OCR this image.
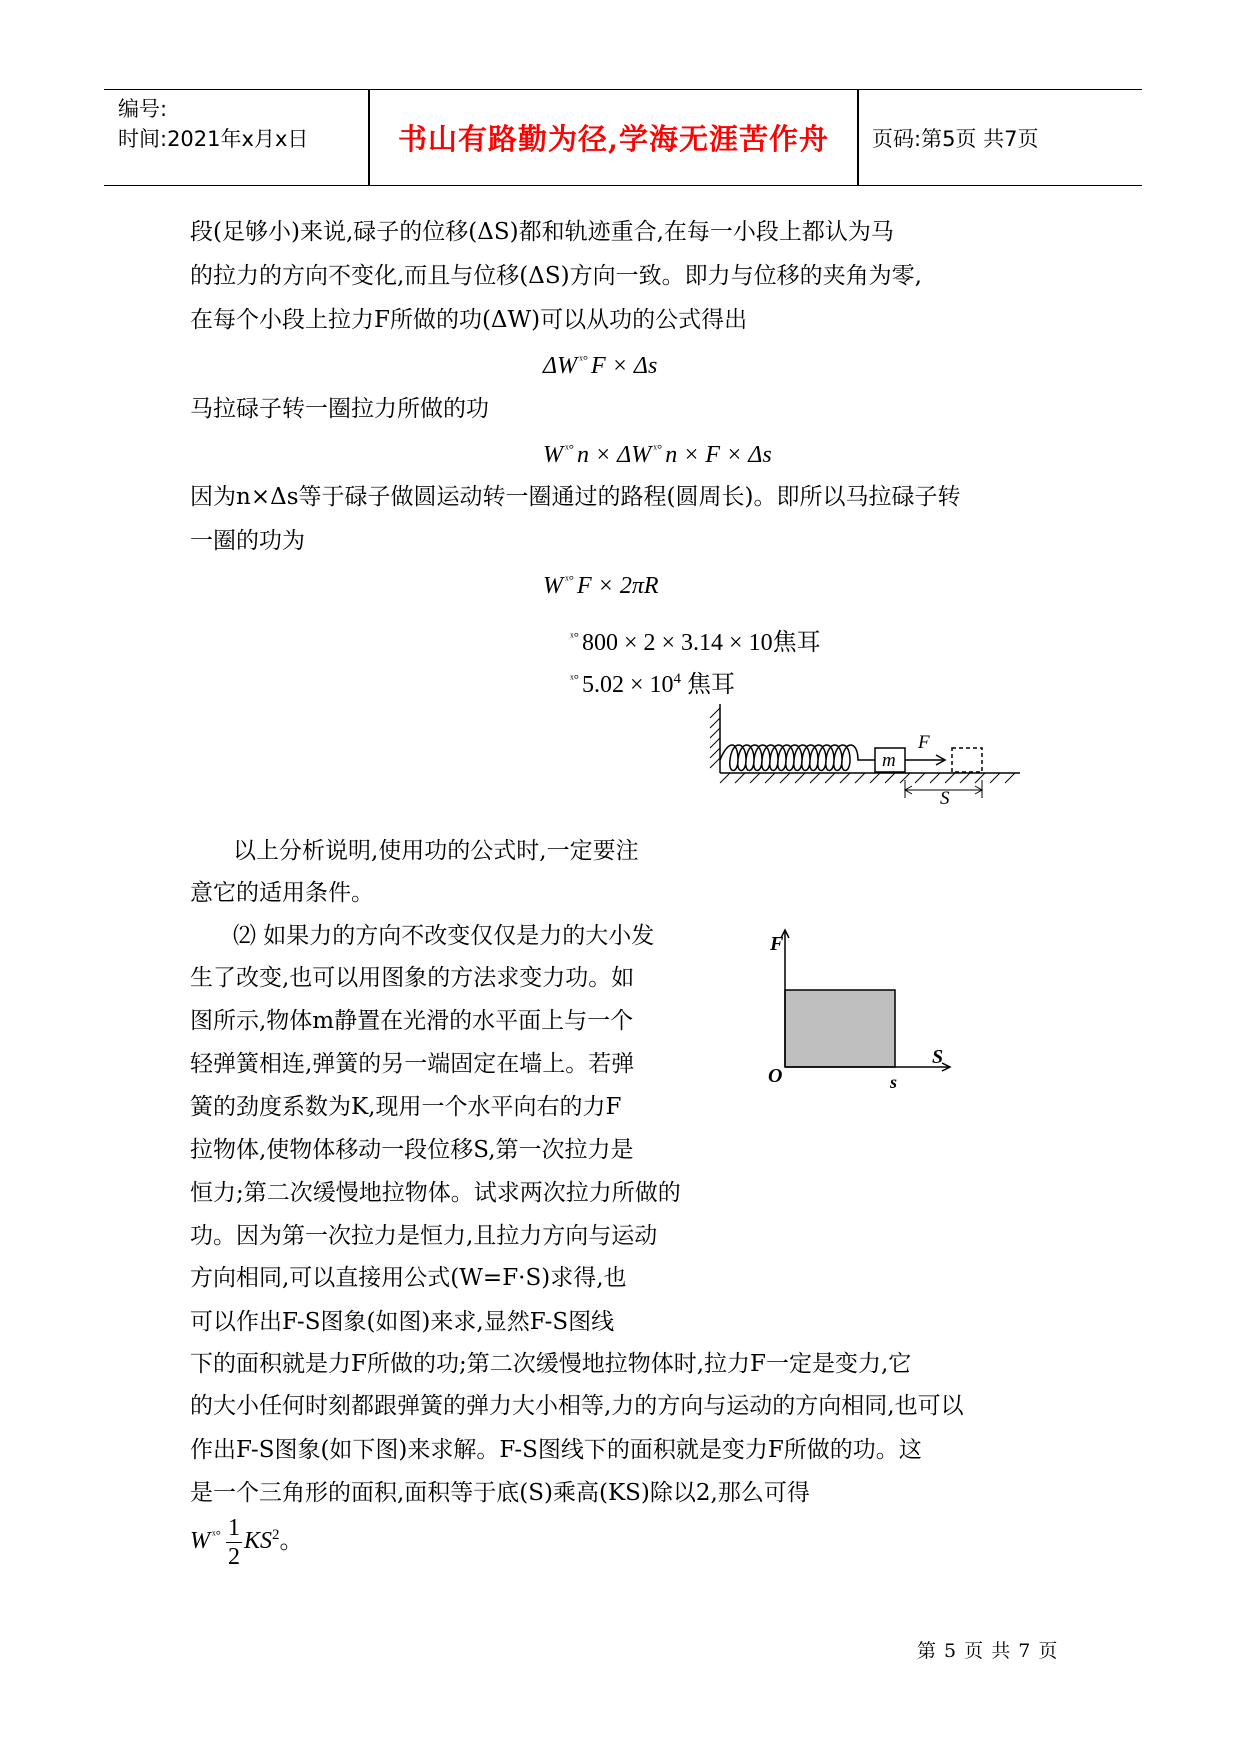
编号:
时间:2021年x月x日	书山有路勤为径,学海无涯苦作舟	页码:第5页 共7页
段(足够小)来说,碌子的位移(ΔS)都和轨迹重合,在每一小段上都认为马
的拉力的方向不变化,而且与位移(ΔS)方向一致。即力与位移的夹角为零,
在每个小段上拉力F所做的功(ΔW)可以从功的公式得出
ΔW $^{ˣ^\circ}$ F × Δs
马拉碌子转一圈拉力所做的功
W $^{ˣ^\circ}$ n × ΔW $^{ˣ^\circ}$ n × F × Δs
因为n×Δs等于碌子做圆运动转一圈通过的路程(圆周长)。即所以马拉碌子转
一圈的功为
W $^{ˣ^\circ}$ F × 2πR
$^{ˣ^\circ}$ 800 × 2 × 3.14 × 10焦耳
$^{ˣ^\circ}$ $5.02 \times 10^4$ 焦耳
m
F
S
以上分析说明,使用功的公式时,一定要注
意它的适用条件。
⑵ 如果力的方向不改变仅仅是力的大小发
生了改变,也可以用图象的方法求变力功。如
图所示,物体m静置在光滑的水平面上与一个
轻弹簧相连,弹簧的另一端固定在墙上。若弹
簧的劲度系数为K,现用一个水平向右的力F
拉物体,使物体移动一段位移S,第一次拉力是
恒力;第二次缓慢地拉物体。试求两次拉力所做的
功。因为第一次拉力是恒力,且拉力方向与运动
方向相同,可以直接用公式(W=F·S)求得,也
可以作出F-S图象(如图)来求,显然F-S图线
F
S
O	s
下的面积就是力F所做的功;第二次缓慢地拉物体时,拉力F一定是变力,它
的大小任何时刻都跟弹簧的弹力大小相等,力的方向与运动的方向相同,也可以
作出F-S图象(如下图)来求解。F-S图线下的面积就是变力F所做的功。这
是一个三角形的面积,面积等于底(S)乘高(KS)除以2,那么可得
W $^{ˣ^\circ} \frac{1}{2} KS^2$。
第 5 页 共 7 页
